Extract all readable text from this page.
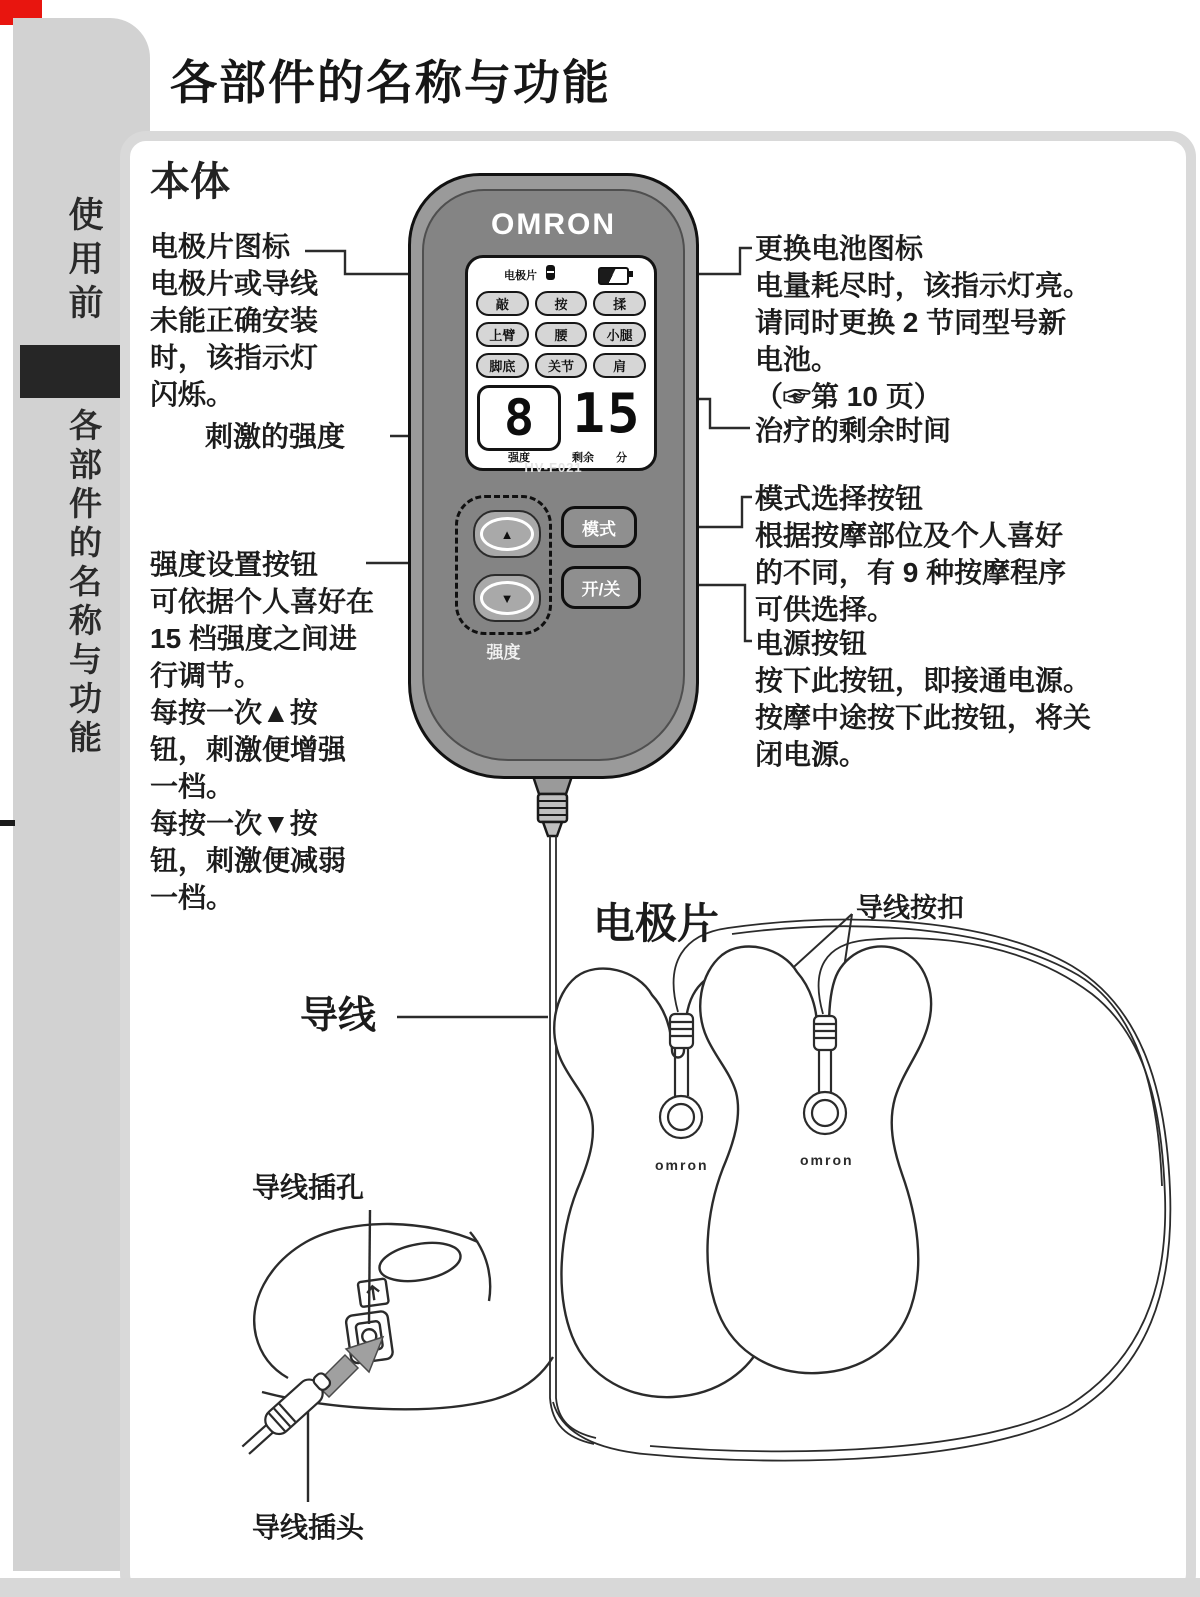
使用前
各部件的名称与功能
各部件的名称与功能
本体
omron	omron
OMRON
电极片
敲	按	揉
上臂	腰	小腿
脚底	关节	肩
8 15
强度	剩余 分
HV-F021
▲
▼
强度
模式
开/关
电极片图标
电极片或导线
未能正确安装
时，该指示灯
闪烁。
刺激的强度
强度设置按钮
可依据个人喜好在
15 档强度之间进
行调节。
每按一次▲按
钮，刺激便增强
一档。
每按一次▼按
钮，刺激便减弱
一档。
更换电池图标
电量耗尽时，该指示灯亮。
请同时更换 2 节同型号新
电池。
（☞第 10 页）
治疗的剩余时间
模式选择按钮
根据按摩部位及个人喜好
的不同，有 9 种按摩程序
可供选择。
电源按钮
按下此按钮，即接通电源。
按摩中途按下此按钮，将关
闭电源。
电极片
导线
导线按扣
导线插孔
导线插头
